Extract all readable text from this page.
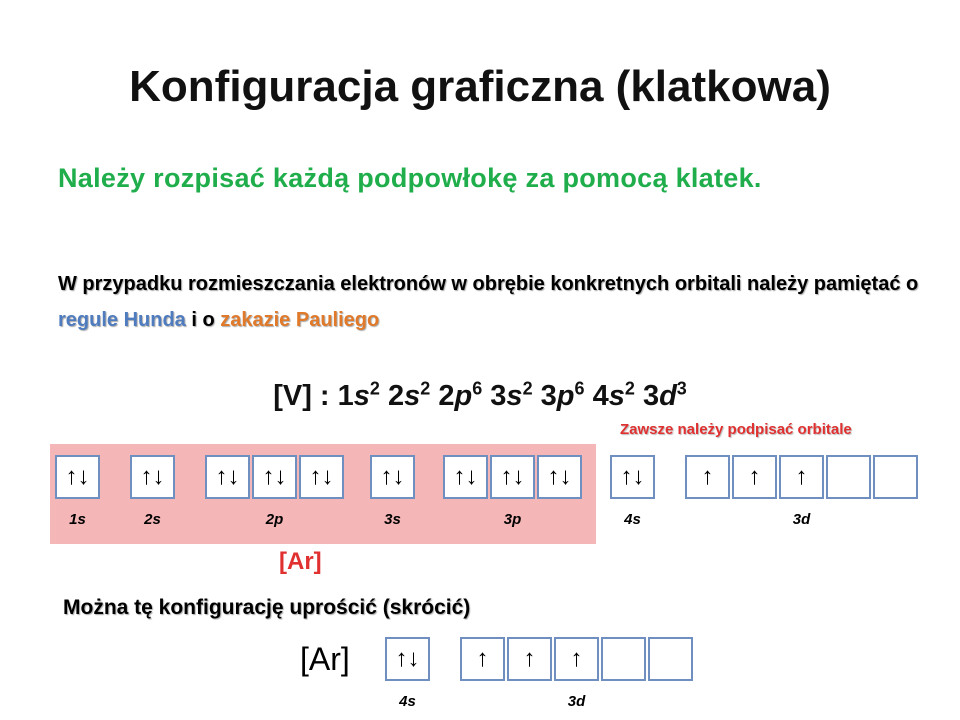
Konfiguracja graficzna (klatkowa)
Należy rozpisać każdą podpowłokę za pomocą klatek.
W przypadku rozmieszczania elektronów w obrębie konkretnych orbitali należy pamiętać o regule Hunda i o zakazie Pauliego
[V] : $1s^2$ $2s^2$ $2p^6$ $3s^2$ $3p^6$ $4s^2$ $3d^3$
Zawsze należy podpisać orbitale
↑↓
1s
↑↓
2s
↑↓ ↑↓ ↑↓
2p
↑↓
3s
↑↓ ↑↓ ↑↓
3p
↑↓
4s
↑	↑	↑
3d
[Ar]
Można tę konfigurację uprościć (skrócić)
[Ar]	↑↓
4s
↑	↑	↑
3d
